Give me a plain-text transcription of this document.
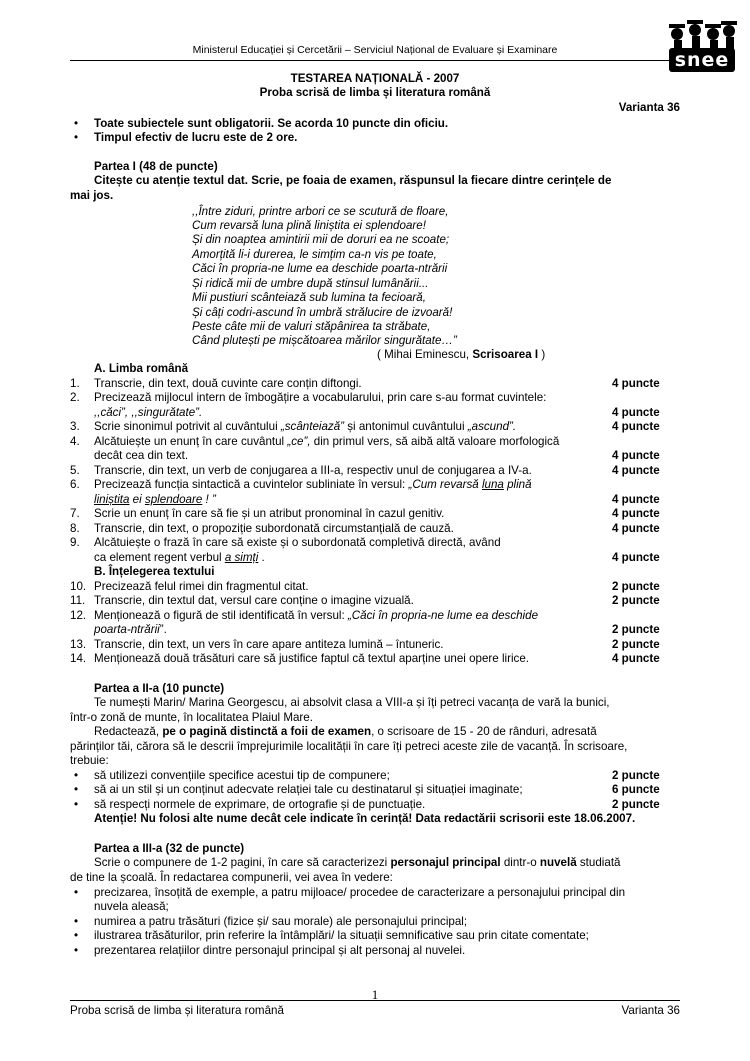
Ministerul Educației și Cercetării – Serviciul Național de Evaluare și Examinare	snee
TESTAREA NAȚIONALĂ - 2007
Proba scrisă de limba și literatura română
Varianta 36
• Toate subiectele sunt obligatorii. Se acorda 10 puncte din oficiu.
• Timpul efectiv de lucru este de 2 ore.
Partea I (48 de puncte)
Citește cu atenție textul dat. Scrie, pe foaia de examen, răspunsul la fiecare dintre cerințele de
mai jos.
,,Între ziduri, printre arbori ce se scutură de floare,
Cum revarsă luna plină liniștita ei splendoare!
Și din noaptea amintirii mii de doruri ea ne scoate;
Amorțită li-i durerea, le simțim ca-n vis pe toate,
Căci în propria-ne lume ea deschide poarta-ntrării
Și ridică mii de umbre după stinsul lumânării...
Mii pustiuri scânteiază sub lumina ta fecioară,
Și câți codri-ascund în umbră strălucire de izvoară!
Peste câte mii de valuri stăpânirea ta străbate,
Când plutești pe mișcătoarea mărilor singurătate…”
( Mihai Eminescu, Scrisoarea I )
A. Limba română
1.	Transcrie, din text, două cuvinte care conțin diftongi.	4 puncte
2.	Precizează mijlocul intern de îmbogățire a vocabularului, prin care s-au format cuvintele:
,,căci”, ,,singurătate”.	4 puncte
3.	Scrie sinonimul potrivit al cuvântului „scânteiază” și antonimul cuvântului „ascund”.	4 puncte
4.	Alcătuiește un enunț în care cuvântul „ce”, din primul vers, să aibă altă valoare morfologică
decât cea din text.	4 puncte
5.	Transcrie, din text, un verb de conjugarea a III-a, respectiv unul de conjugarea a IV-a.	4 puncte
6.	Precizează funcția sintactică a cuvintelor subliniate în versul: „Cum revarsă luna plină
liniștita ei splendoare ! ”	4 puncte
7.	Scrie un enunț în care să fie și un atribut pronominal în cazul genitiv.	4 puncte
8.	Transcrie, din text, o propoziție subordonată circumstanțială de cauză.	4 puncte
9.	Alcătuiește o frază în care să existe și o subordonată completivă directă, având
ca element regent verbul a simți .	4 puncte
B. Înțelegerea textului
10. Precizează felul rimei din fragmentul citat.	2 puncte
11. Transcrie, din textul dat, versul care conține o imagine vizuală.	2 puncte
12. Menționează o figură de stil identificată în versul: „Căci în propria-ne lume ea deschide
poarta-ntrării”.	2 puncte
13. Transcrie, din text, un vers în care apare antiteza lumină – întuneric.	2 puncte
14. Menționează două trăsături care să justifice faptul că textul aparține unei opere lirice.	4 puncte
Partea a II-a (10 puncte)
Te numești Marin/ Marina Georgescu, ai absolvit clasa a VIII-a și îți petreci vacanța de vară la bunici,
într-o zonă de munte, în localitatea Plaiul Mare.
Redactează, pe o pagină distinctă a foii de examen, o scrisoare de 15 - 20 de rânduri, adresată
părinților tăi, cărora să le descrii împrejurimile localității în care îți petreci aceste zile de vacanță. În scrisoare,
trebuie:
• să utilizezi convențiile specifice acestui tip de compunere;	2 puncte
• să ai un stil și un conținut adecvate relației tale cu destinatarul și situației imaginate;	6 puncte
• să respecți normele de exprimare, de ortografie și de punctuație.	2 puncte
Atenție! Nu folosi alte nume decât cele indicate în cerință! Data redactării scrisorii este 18.06.2007.
Partea a III-a (32 de puncte)
Scrie o compunere de 1-2 pagini, în care să caracterizezi personajul principal dintr-o nuvelă studiată
de tine la școală. În redactarea compunerii, vei avea în vedere:
• precizarea, însoțită de exemple, a patru mijloace/ procedee de caracterizare a personajului principal din
nuvela aleasă;
• numirea a patru trăsături (fizice și/ sau morale) ale personajului principal;
• ilustrarea trăsăturilor, prin referire la întâmplări/ la situații semnificative sau prin citate comentate;
• prezentarea relațiilor dintre personajul principal și alt personaj al nuvelei.
1
Proba scrisă de limba și literatura română	Varianta 36
